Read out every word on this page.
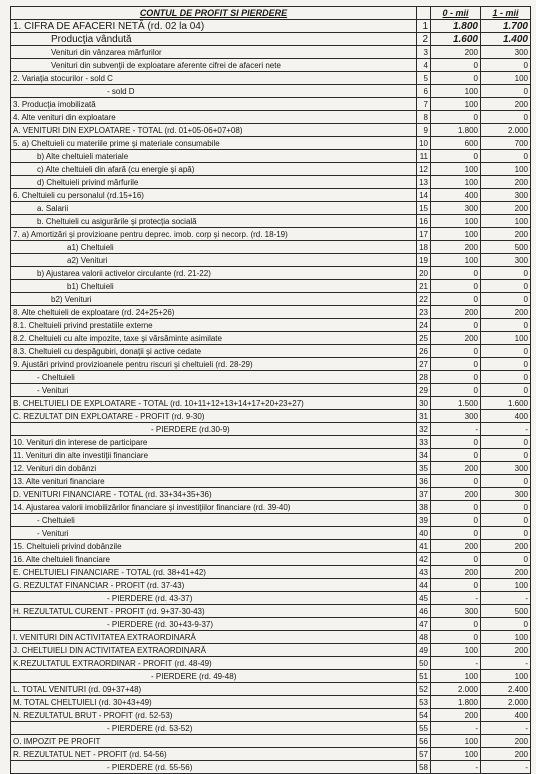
CONTUL DE PROFIT SI PIERDERE		0 - mii	1 - mii
1. CIFRA DE AFACERI NETĂ (rd. 02 la 04)	1	1.800	1.700
Producţia vândută	2	1.600	1.400
Venituri din vânzarea mărfurilor	3	200	300
Venituri din subvenţii de exploatare aferente cifrei de afaceri nete	4	0	0
2. Variaţia stocurilor - sold C	5	0	100
- sold D	6	100	0
3. Producţia imobilizată	7	100	200
4. Alte venituri din exploatare	8	0	0
A. VENITURI DIN EXPLOATARE - TOTAL (rd. 01+05-06+07+08)	9	1.800	2.000
5. a) Cheltuieli cu materiile prime şi materiale consumabile	10	600	700
b) Alte cheltuieli materiale	11	0	0
c) Alte cheltuieli din afară (cu energie şi apă)	12	100	100
d) Cheltuieli privind mărfurile	13	100	200
6. Cheltuieli cu personalul (rd.15+16)	14	400	300
a. Salarii	15	300	200
b. Cheltuieli cu asigurările şi protecţia socială	16	100	100
7. a) Amortizări şi provizioane pentru deprec. imob. corp şi necorp. (rd. 18-19)	17	100	200
a1) Cheltuieli	18	200	500
a2) Venituri	19	100	300
b) Ajustarea valorii activelor circulante (rd. 21-22)	20	0	0
b1) Cheltuieli	21	0	0
b2) Venituri	22	0	0
8. Alte cheltuieli de exploatare (rd. 24+25+26)	23	200	200
8.1. Cheltuieli privind prestatiile externe	24	0	0
8.2. Cheltuieli cu alte impozite, taxe şi vărsăminte asimilate	25	200	100
8.3. Cheltuieli cu despăgubiri, donaţii şi active cedate	26	0	0
9. Ajustări privind provizioanele pentru riscuri şi cheltuieli (rd. 28-29)	27	0	0
- Cheltuieli	28	0	0
- Venituri	29	0	0
B. CHELTUIELI DE EXPLOATARE - TOTAL (rd. 10+11+12+13+14+17+20+23+27)	30	1.500	1.600
C. REZULTAT DIN EXPLOATARE - PROFIT (rd. 9-30)	31	300	400
- PIERDERE (rd.30-9)	32	-	-
10. Venituri din interese de participare	33	0	0
11. Venituri din alte investiţii financiare	34	0	0
12. Venituri din dobânzi	35	200	300
13. Alte venituri financiare	36	0	0
D. VENITURI FINANCIARE - TOTAL (rd. 33+34+35+36)	37	200	300
14. Ajustarea valorii imobilizărilor financiare şi investiţiilor financiare (rd. 39-40)	38	0	0
- Cheltuieli	39	0	0
- Venituri	40	0	0
15. Cheltuieli privind dobânzile	41	200	200
16. Alte cheltuieli financiare	42	0	0
E. CHELTUIELI FINANCIARE - TOTAL (rd. 38+41+42)	43	200	200
G. REZULTAT FINANCIAR - PROFIT (rd. 37-43)	44	0	100
- PIERDERE (rd. 43-37)	45	-	-
H. REZULTATUL CURENT - PROFIT (rd. 9+37-30-43)	46	300	500
- PIERDERE (rd. 30+43-9-37)	47	0	0
I. VENITURI DIN ACTIVITATEA EXTRAORDINARĂ	48	0	100
J. CHELTUIELI DIN ACTIVITATEA EXTRAORDINARĂ	49	100	200
K.REZULTATUL EXTRAORDINAR - PROFIT (rd. 48-49)	50	-	-
- PIERDERE (rd. 49-48)	51	100	100
L. TOTAL VENITURI (rd. 09+37+48)	52	2.000	2.400
M. TOTAL CHELTUIELI (rd. 30+43+49)	53	1.800	2.000
N. REZULTATUL BRUT - PROFIT (rd. 52-53)	54	200	400
- PIERDERE (rd. 53-52)	55	-	-
O. IMPOZIT PE PROFIT	56	100	200
R. REZULTATUL NET - PROFIT (rd. 54-56)	57	100	200
- PIERDERE (rd. 55-56)	58	-	-
